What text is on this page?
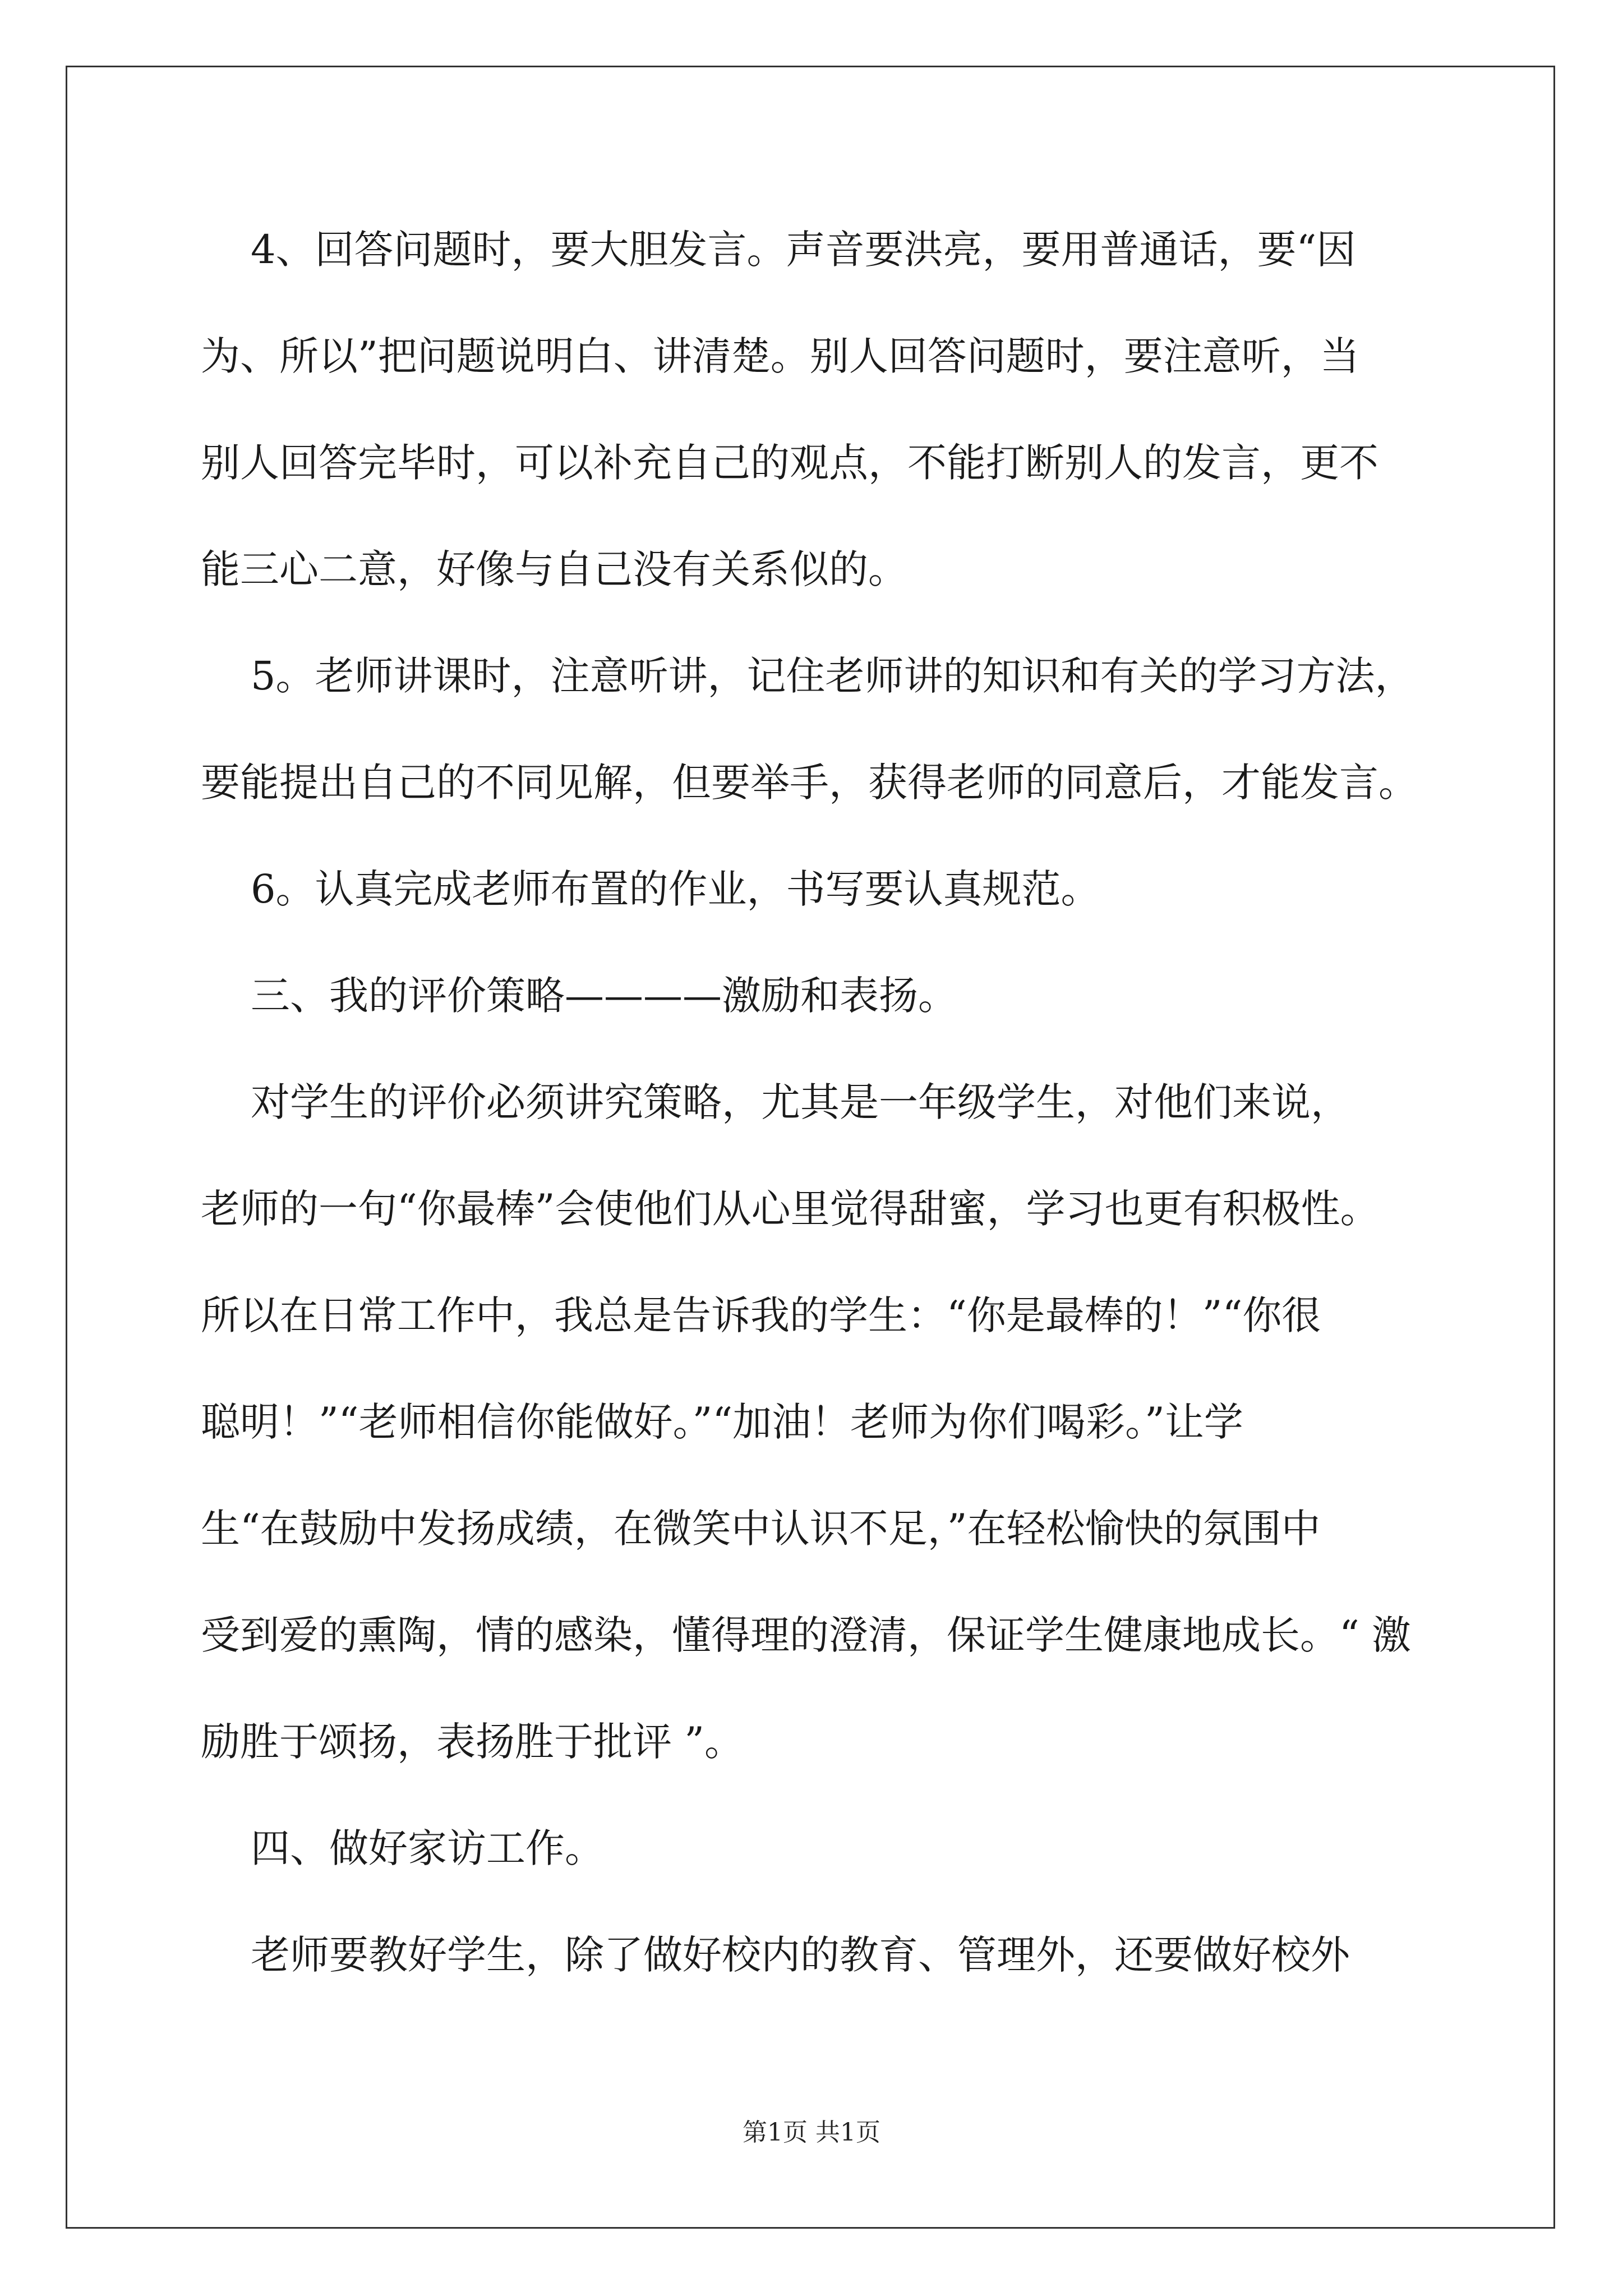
4、回答问题时，要大胆发言。声音要洪亮，要用普通话，要“因

为、所以”把问题说明白、讲清楚。别人回答问题时，要注意听，当

别人回答完毕时，可以补充自己的观点，不能打断别人的发言，更不

能三心二意，好像与自己没有关系似的。

5。老师讲课时，注意听讲，记住老师讲的知识和有关的学习方法，

要能提出自己的不同见解，但要举手，获得老师的同意后，才能发言。

6。认真完成老师布置的作业，书写要认真规范。

三、我的评价策略————激励和表扬。

对学生的评价必须讲究策略，尤其是一年级学生，对他们来说，

老师的一句“你最棒”会使他们从心里觉得甜蜜，学习也更有积极性。

所以在日常工作中，我总是告诉我的学生：“你是最棒的！”“你很

聪明！”“老师相信你能做好。”“加油！老师为你们喝彩。”让学

生“在鼓励中发扬成绩，在微笑中认识不足，”在轻松愉快的氛围中

受到爱的熏陶，情的感染，懂得理的澄清，保证学生健康地成长。“ 激

励胜于颂扬，表扬胜于批评 ”。

四、做好家访工作。

老师要教好学生，除了做好校内的教育、管理外，还要做好校外

第1页 共1页
